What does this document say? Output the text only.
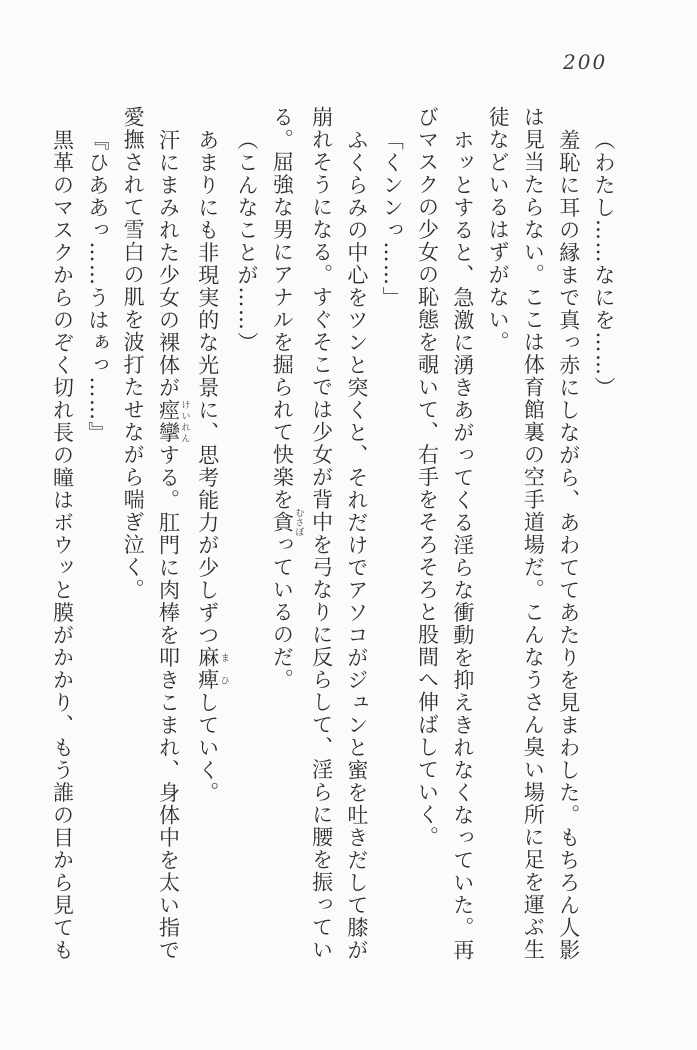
200
（わたし……なにを……）
羞恥に耳の縁まで真っ赤にしながら、あわててあたりを見まわした。もちろん人影
は見当たらない。ここは体育館裏の空手道場だ。こんなうさん臭い場所に足を運ぶ生
徒などいるはずがない。
ホッとすると、急激に湧きあがってくる淫らな衝動を抑えきれなくなっていた。再
びマスクの少女の恥態を覗いて、右手をそろそろと股間へ伸ばしていく。
「くンンっ……」
ふくらみの中心をツンと突くと、それだけでアソコがジュンと蜜を吐きだして膝が
崩れそうになる。すぐそこでは少女が背中を弓なりに反らして、淫らに腰を振ってい
る。屈強な男にアナルを掘られて快楽を貪 むさぼっているのだ。
（こんなことが……）
あまりにも非現実的な光景に、思考能力が少しずつ麻痺 まひしていく。
汗にまみれた少女の裸体が痙攣 けいれんする。肛門に肉棒を叩きこまれ、身体中を太い指で
愛撫されて雪白の肌を波打たせながら喘ぎ泣く。
『ひああっ……うはぁっ……』
黒革のマスクからのぞく切れ長の瞳はボウッと膜がかかり、もう誰の目から見ても
